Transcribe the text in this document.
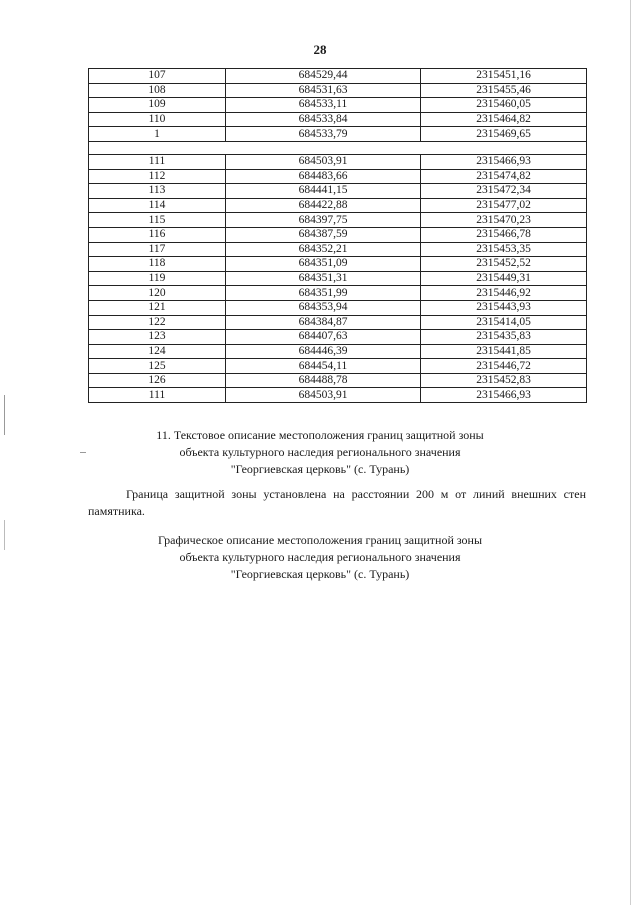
28
107	684529,44	2315451,16
108	684531,63	2315455,46
109	684533,11	2315460,05
110	684533,84	2315464,82
1	684533,79	2315469,65

111	684503,91	2315466,93
112	684483,66	2315474,82
113	684441,15	2315472,34
114	684422,88	2315477,02
115	684397,75	2315470,23
116	684387,59	2315466,78
117	684352,21	2315453,35
118	684351,09	2315452,52
119	684351,31	2315449,31
120	684351,99	2315446,92
121	684353,94	2315443,93
122	684384,87	2315414,05
123	684407,63	2315435,83
124	684446,39	2315441,85
125	684454,11	2315446,72
126	684488,78	2315452,83
111	684503,91	2315466,93
11. Текстовое описание местоположения границ защитной зоны
объекта культурного наследия регионального значения
"Георгиевская церковь" (с. Турань)
Граница защитной зоны установлена на расстоянии 200 м от линий внешних стен
памятника.
Графическое описание местоположения границ защитной зоны
объекта культурного наследия регионального значения
"Георгиевская церковь" (с. Турань)
